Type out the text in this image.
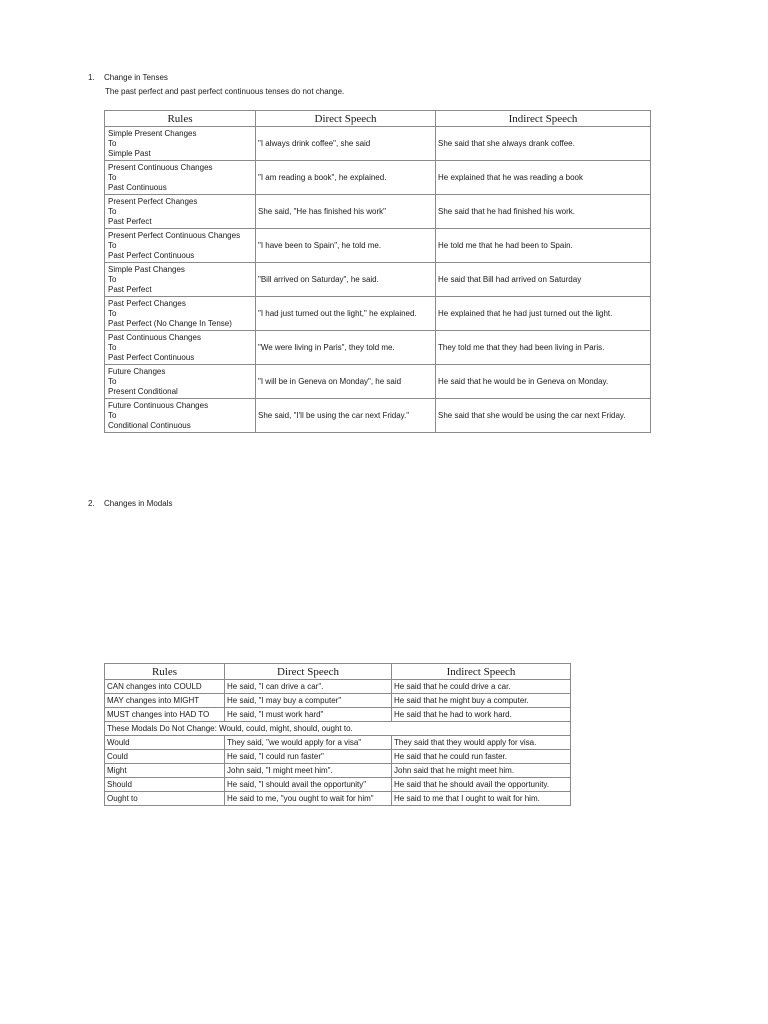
1. Change in Tenses

The past perfect and past perfect continuous tenses do not change.

Rules	Direct Speech	Indirect Speech

Simple Present Changes
To
Simple Past	"I always drink coffee", she said	She said that she always drank coffee.

Present Continuous Changes
To
Past Continuous	"I am reading a book", he explained.	He explained that he was reading a book

Present Perfect Changes
To
Past Perfect	She said, "He has finished his work"	She said that he had finished his work.

Present Perfect Continuous Changes
To
Past Perfect Continuous	"I have been to Spain", he told me.	He told me that he had been to Spain.

Simple Past Changes
To
Past Perfect	"Bill arrived on Saturday", he said.	He said that Bill had arrived on Saturday

Past Perfect Changes
To
Past Perfect (No Change In Tense)	"I had just turned out the light," he explained.	He explained that he had just turned out the light.

Past Continuous Changes
To
Past Perfect Continuous	"We were living in Paris", they told me.	They told me that they had been living in Paris.

Future Changes
To
Present Conditional	"I will be in Geneva on Monday", he said	He said that he would be in Geneva on Monday.

Future Continuous Changes
To
Conditional Continuous	She said, "I'll be using the car next Friday."	She said that she would be using the car next Friday.

2. Changes in Modals

Rules	Direct Speech	Indirect Speech
CAN changes into COULD	He said, "I can drive a car".	He said that he could drive a car.
MAY changes into MIGHT	He said, "I may buy a computer"	He said that he might buy a computer.
MUST changes into HAD TO	He said, "I must work hard"	He said that he had to work hard.
These Modals Do Not Change: Would, could, might, should, ought to.		
Would	They said, "we would apply for a visa"	They said that they would apply for visa.
Could	He said, "I could run faster"	He said that he could run faster.
Might	John said, "I might meet him".	John said that he might meet him.
Should	He said, "I should avail the opportunity"	He said that he should avail the opportunity.
Ought to	He said to me, "you ought to wait for him"	He said to me that I ought to wait for him.
